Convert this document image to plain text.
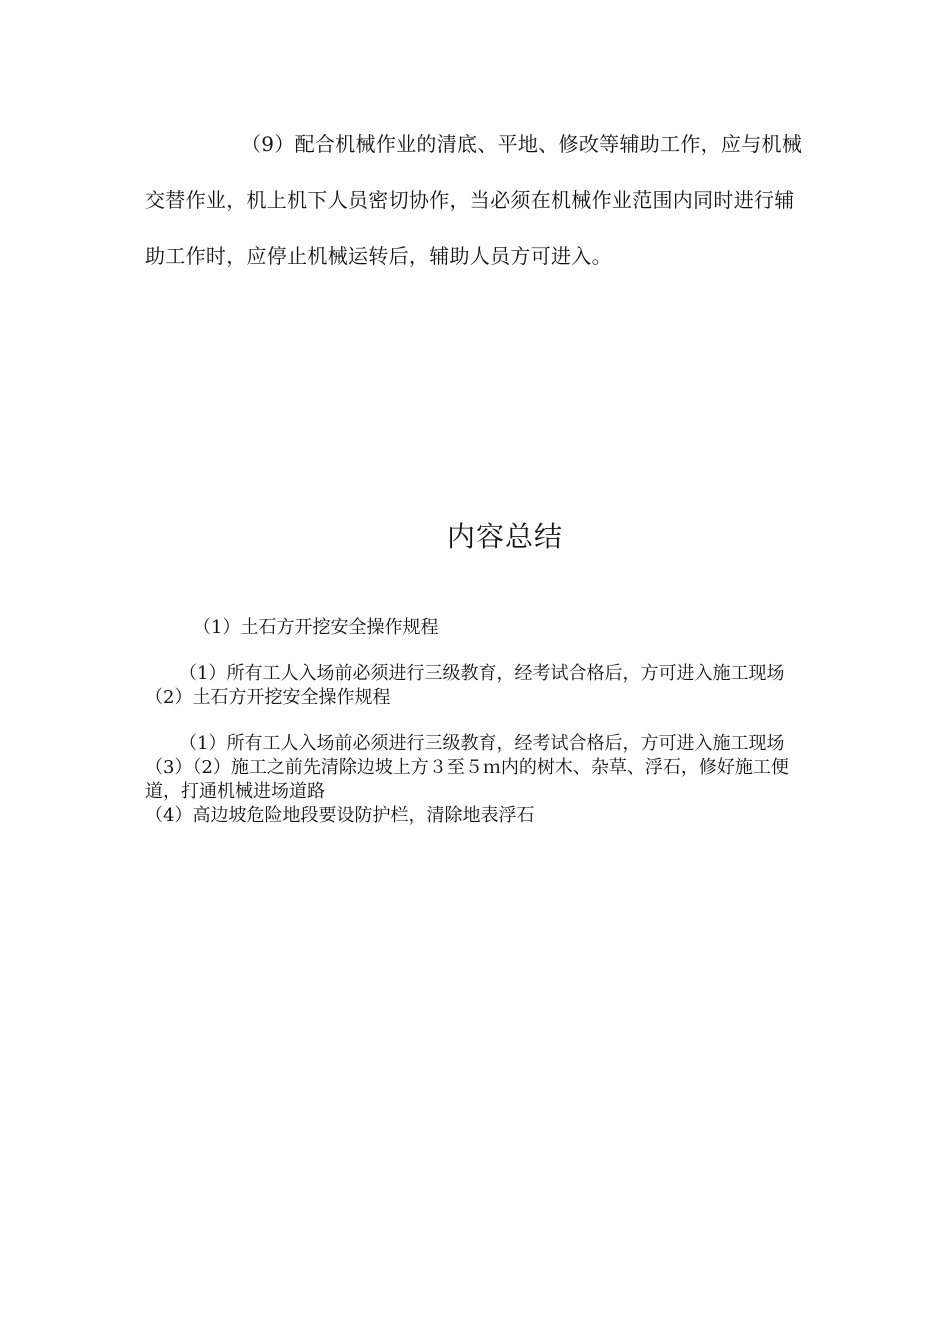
（9）配合机械作业的清底、平地、修改等辅助工作，应与机械交替作业，机上机下人员密切协作，当必须在机械作业范围内同时进行辅助工作时，应停止机械运转后，辅助人员方可进入。
内容总结
（1）土石方开挖安全操作规程
（1）所有工人入场前必须进行三级教育，经考试合格后，方可进入施工现场
（2）土石方开挖安全操作规程
（1）所有工人入场前必须进行三级教育，经考试合格后，方可进入施工现场
（3）（2）施工之前先清除边坡上方３至５ｍ内的树木、杂草、浮石，修好施工便道，打通机械进场道路
（4）高边坡危险地段要设防护栏，清除地表浮石
